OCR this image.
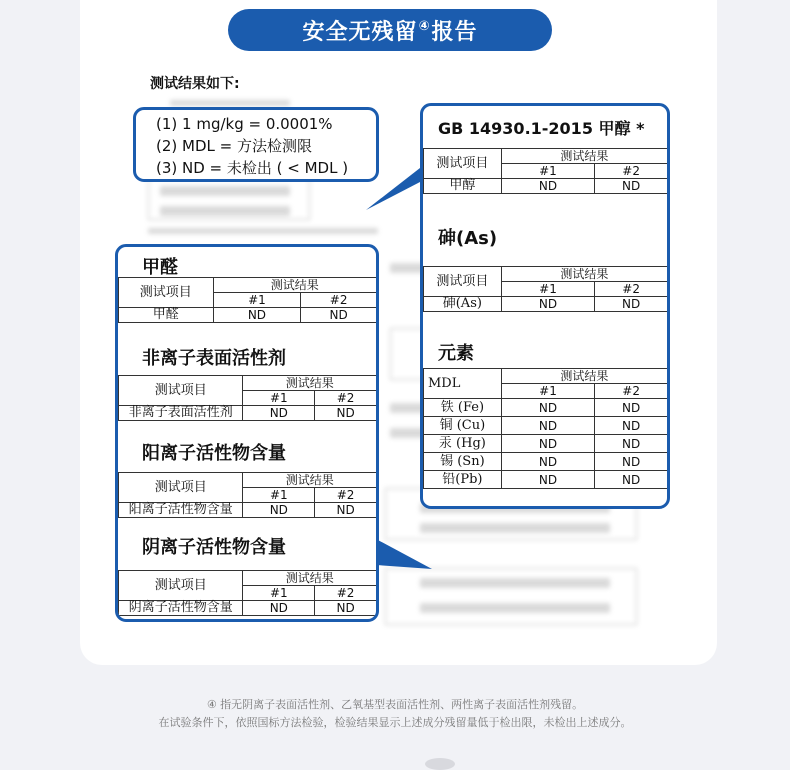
安全无残留④ 报告
测试结果如下:
(1) 1 mg/kg = 0.0001%
(2) MDL = 方法检测限
(3) ND = 未检出 ( < MDL )
GB 14930.1-2015 甲醇 *
测试项目	测试结果	
	#1	#2
甲醇	ND	ND
砷(As)
测试项目	测试结果	
	#1	#2
砷(As)	ND	ND
元素
MDL	测试结果	
	#1	#2
铁 (Fe)	ND	ND
铜 (Cu)	ND	ND
汞 (Hg)	ND	ND
锡 (Sn)	ND	ND
铅(Pb)	ND	ND
甲醛
测试项目	测试结果	
	#1	#2
甲醛	ND	ND
非离子表面活性剂
测试项目	测试结果	
	#1	#2
非离子表面活性剂	ND	ND
阳离子活性物含量
测试项目	测试结果	
	#1	#2
阳离子活性物含量	ND	ND
阴离子活性物含量
测试项目	测试结果	
	#1	#2
阴离子活性物含量	ND	ND
④ 指无阴离子表面活性剂、乙氧基型表面活性剂、两性离子表面活性剂残留。
在试验条件下，依照国标方法检验，检验结果显示上述成分残留量低于检出限，未检出上述成分。
